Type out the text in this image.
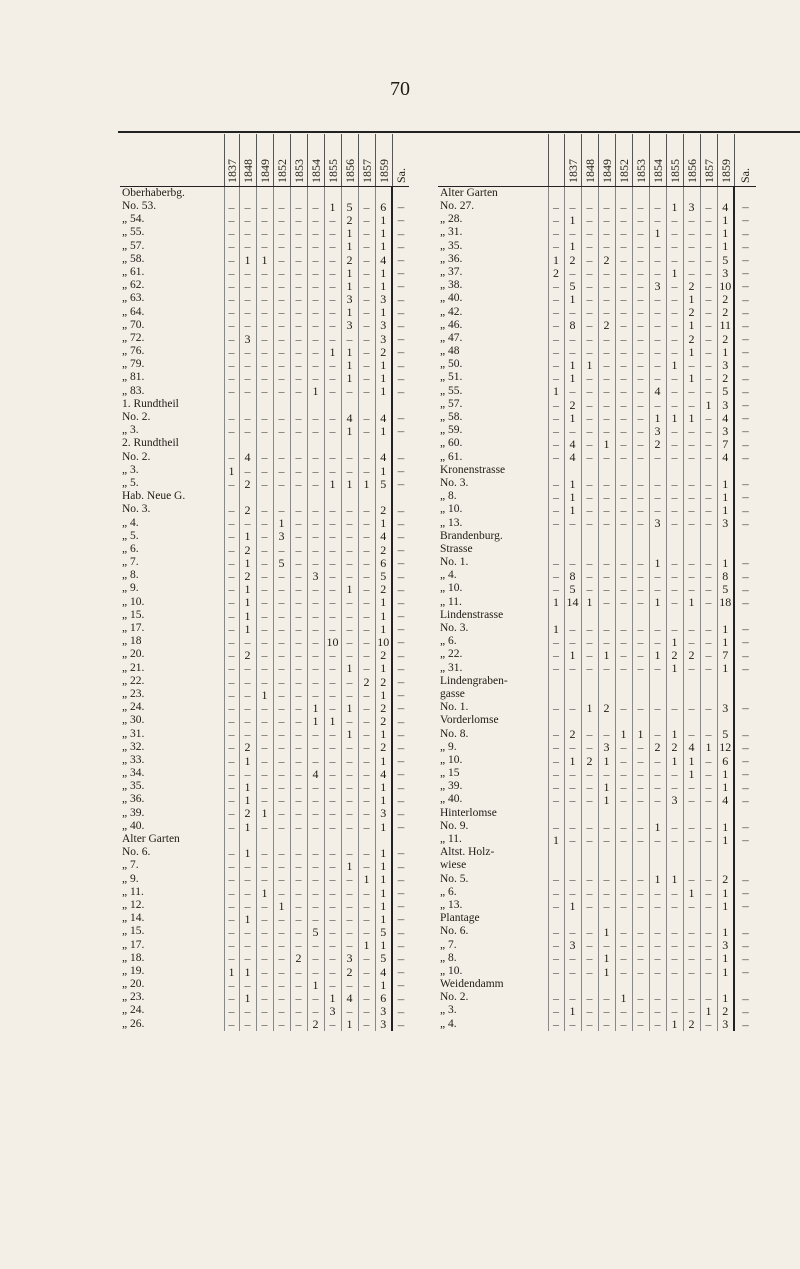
70
	1837	1848	1849	1852	1853	1854	1855	1856	1857	1859	Sa.
Oberhaberbg.											
No. 53.	–	–	–	–	–	–	1	5	–	6	–
„ 54.	–	–	–	–	–	–	–	2	–	1	–
„ 55.	–	–	–	–	–	–	–	1	–	1	–
„ 57.	–	–	–	–	–	–	–	1	–	1	–
„ 58.	–	1	1	–	–	–	–	2	–	4	–
„ 61.	–	–	–	–	–	–	–	1	–	1	–
„ 62.	–	–	–	–	–	–	–	1	–	1	–
„ 63.	–	–	–	–	–	–	–	3	–	3	–
„ 64.	–	–	–	–	–	–	–	1	–	1	–
„ 70.	–	–	–	–	–	–	–	3	–	3	–
„ 72.	–	3	–	–	–	–	–	–	–	3	–
„ 76.	–	–	–	–	–	–	1	1	–	2	–
„ 79.	–	–	–	–	–	–	–	1	–	1	–
„ 81.	–	–	–	–	–	–	–	1	–	1	–
„ 83.	–	–	–	–	–	1	–	–	–	1	–
1. Rundtheil											
No. 2.	–	–	–	–	–	–	–	4	–	4	–
„ 3.	–	–	–	–	–	–	–	1	–	1	–
2. Rundtheil											
No. 2.	–	4	–	–	–	–	–	–	–	4	–
„ 3.	1	–	–	–	–	–	–	–	–	1	–
„ 5.	–	2	–	–	–	–	1	1	1	5	–
Hab. Neue G.											
No. 3.	–	2	–	–	–	–	–	–	–	2	–
„ 4.	–	–	–	1	–	–	–	–	–	1	–
„ 5.	–	1	–	3	–	–	–	–	–	4	–
„ 6.	–	2	–	–	–	–	–	–	–	2	–
„ 7.	–	1	–	5	–	–	–	–	–	6	–
„ 8.	–	2	–	–	–	3	–	–	–	5	–
„ 9.	–	1	–	–	–	–	–	1	–	2	–
„ 10.	–	1	–	–	–	–	–	–	–	1	–
„ 15.	–	1	–	–	–	–	–	–	–	1	–
„ 17.	–	1	–	–	–	–	–	–	–	1	–
„ 18	–	–	–	–	–	–	10	–	–	10	–
„ 20.	–	2	–	–	–	–	–	–	–	2	–
„ 21.	–	–	–	–	–	–	–	1	–	1	–
„ 22.	–	–	–	–	–	–	–	–	2	2	–
„ 23.	–	–	1	–	–	–	–	–	–	1	–
„ 24.	–	–	–	–	–	1	–	1	–	2	–
„ 30.	–	–	–	–	–	1	1	–	–	2	–
„ 31.	–	–	–	–	–	–	–	1	–	1	–
„ 32.	–	2	–	–	–	–	–	–	–	2	–
„ 33.	–	1	–	–	–	–	–	–	–	1	–
„ 34.	–	–	–	–	–	4	–	–	–	4	–
„ 35.	–	1	–	–	–	–	–	–	–	1	–
„ 36.	–	1	–	–	–	–	–	–	–	1	–
„ 39.	–	2	1	–	–	–	–	–	–	3	–
„ 40.	–	1	–	–	–	–	–	–	–	1	–
Alter Garten											
No. 6.	–	1	–	–	–	–	–	–	–	1	–
„ 7.	–	–	–	–	–	–	–	1	–	1	–
„ 9.	–	–	–	–	–	–	–	–	1	1	–
„ 11.	–	–	1	–	–	–	–	–	–	1	–
„ 12.	–	–	–	1	–	–	–	–	–	1	–
„ 14.	–	1	–	–	–	–	–	–	–	1	–
„ 15.	–	–	–	–	–	5	–	–	–	5	–
„ 17.	–	–	–	–	–	–	–	–	1	1	–
„ 18.	–	–	–	–	2	–	–	3	–	5	–
„ 19.	1	1	–	–	–	–	–	2	–	4	–
„ 20.	–	–	–	–	–	1	–	–	–	1	–
„ 23.	–	1	–	–	–	–	1	4	–	6	–
„ 24.	–	–	–	–	–	–	3	–	–	3	–
„ 26.	–	–	–	–	–	2	–	1	–	3	–
		1837	1848	1849	1852	1853	1854	1855	1856	1857	1859	Sa.
Alter Garten												
No. 27.	–	–	–	–	–	–	–	1	3	–	4	–
„ 28.	–	1	–	–	–	–	–	–	–	–	1	–
„ 31.	–	–	–	–	–	–	1	–	–	–	1	–
„ 35.	–	1	–	–	–	–	–	–	–	–	1	–
„ 36.	1	2	–	2	–	–	–	–	–	–	5	–
„ 37.	2	–	–	–	–	–	–	1	–	–	3	–
„ 38.	–	5	–	–	–	–	3	–	2	–	10	–
„ 40.	–	1	–	–	–	–	–	–	1	–	2	–
„ 42.	–	–	–	–	–	–	–	–	2	–	2	–
„ 46.	–	8	–	2	–	–	–	–	1	–	11	–
„ 47.	–	–	–	–	–	–	–	–	2	–	2	–
„ 48	–	–	–	–	–	–	–	–	1	–	1	–
„ 50.	–	1	1	–	–	–	–	1	–	–	3	–
„ 51.	–	1	–	–	–	–	–	–	1	–	2	–
„ 55.	1	–	–	–	–	–	4	–	–	–	5	–
„ 57.	–	2	–	–	–	–	–	–	–	1	3	–
„ 58.	–	1	–	–	–	–	1	1	1	–	4	–
„ 59.	–	–	–	–	–	–	3	–	–	–	3	–
„ 60.	–	4	–	1	–	–	2	–	–	–	7	–
„ 61.	–	4	–	–	–	–	–	–	–	–	4	–
Kronenstrasse												
No. 3.	–	1	–	–	–	–	–	–	–	–	1	–
„ 8.	–	1	–	–	–	–	–	–	–	–	1	–
„ 10.	–	1	–	–	–	–	–	–	–	–	1	–
„ 13.	–	–	–	–	–	–	3	–	–	–	3	–
Brandenburg.												
Strasse												
No. 1.	–	–	–	–	–	–	1	–	–	–	1	–
„ 4.	–	8	–	–	–	–	–	–	–	–	8	–
„ 10.	–	5	–	–	–	–	–	–	–	–	5	–
„ 11.	1	14	1	–	–	–	1	–	1	–	18	–
Lindenstrasse												
No. 3.	1	–	–	–	–	–	–	–	–	–	1	–
„ 6.	–	–	–	–	–	–	–	1	–	–	1	–
„ 22.	–	1	–	1	–	–	1	2	2	–	7	–
„ 31.	–	–	–	–	–	–	–	1	–	–	1	–
Lindengraben-												
gasse												
No. 1.	–	–	1	2	–	–	–	–	–	–	3	–
Vorderlomse												
No. 8.	–	2	–	–	1	1	–	1	–	–	5	–
„ 9.	–	–	–	3	–	–	2	2	4	1	12	–
„ 10.	–	1	2	1	–	–	–	1	1	–	6	–
„ 15	–	–	–	–	–	–	–	–	1	–	1	–
„ 39.	–	–	–	1	–	–	–	–	–	–	1	–
„ 40.	–	–	–	1	–	–	–	3	–	–	4	–
Hinterlomse												
No. 9.	–	–	–	–	–	–	1	–	–	–	1	–
„ 11.	1	–	–	–	–	–	–	–	–	–	1	–
Altst. Holz-												
wiese												
No. 5.	–	–	–	–	–	–	1	1	–	–	2	–
„ 6.	–	–	–	–	–	–	–	–	1	–	1	–
„ 13.	–	1	–	–	–	–	–	–	–	–	1	–
Plantage												
No. 6.	–	–	–	1	–	–	–	–	–	–	1	–
„ 7.	–	3	–	–	–	–	–	–	–	–	3	–
„ 8.	–	–	–	1	–	–	–	–	–	–	1	–
„ 10.	–	–	–	1	–	–	–	–	–	–	1	–
Weidendamm												
No. 2.	–	–	–	–	1	–	–	–	–	–	1	–
„ 3.	–	1	–	–	–	–	–	–	–	1	2	–
„ 4.	–	–	–	–	–	–	–	1	2	–	3	–
